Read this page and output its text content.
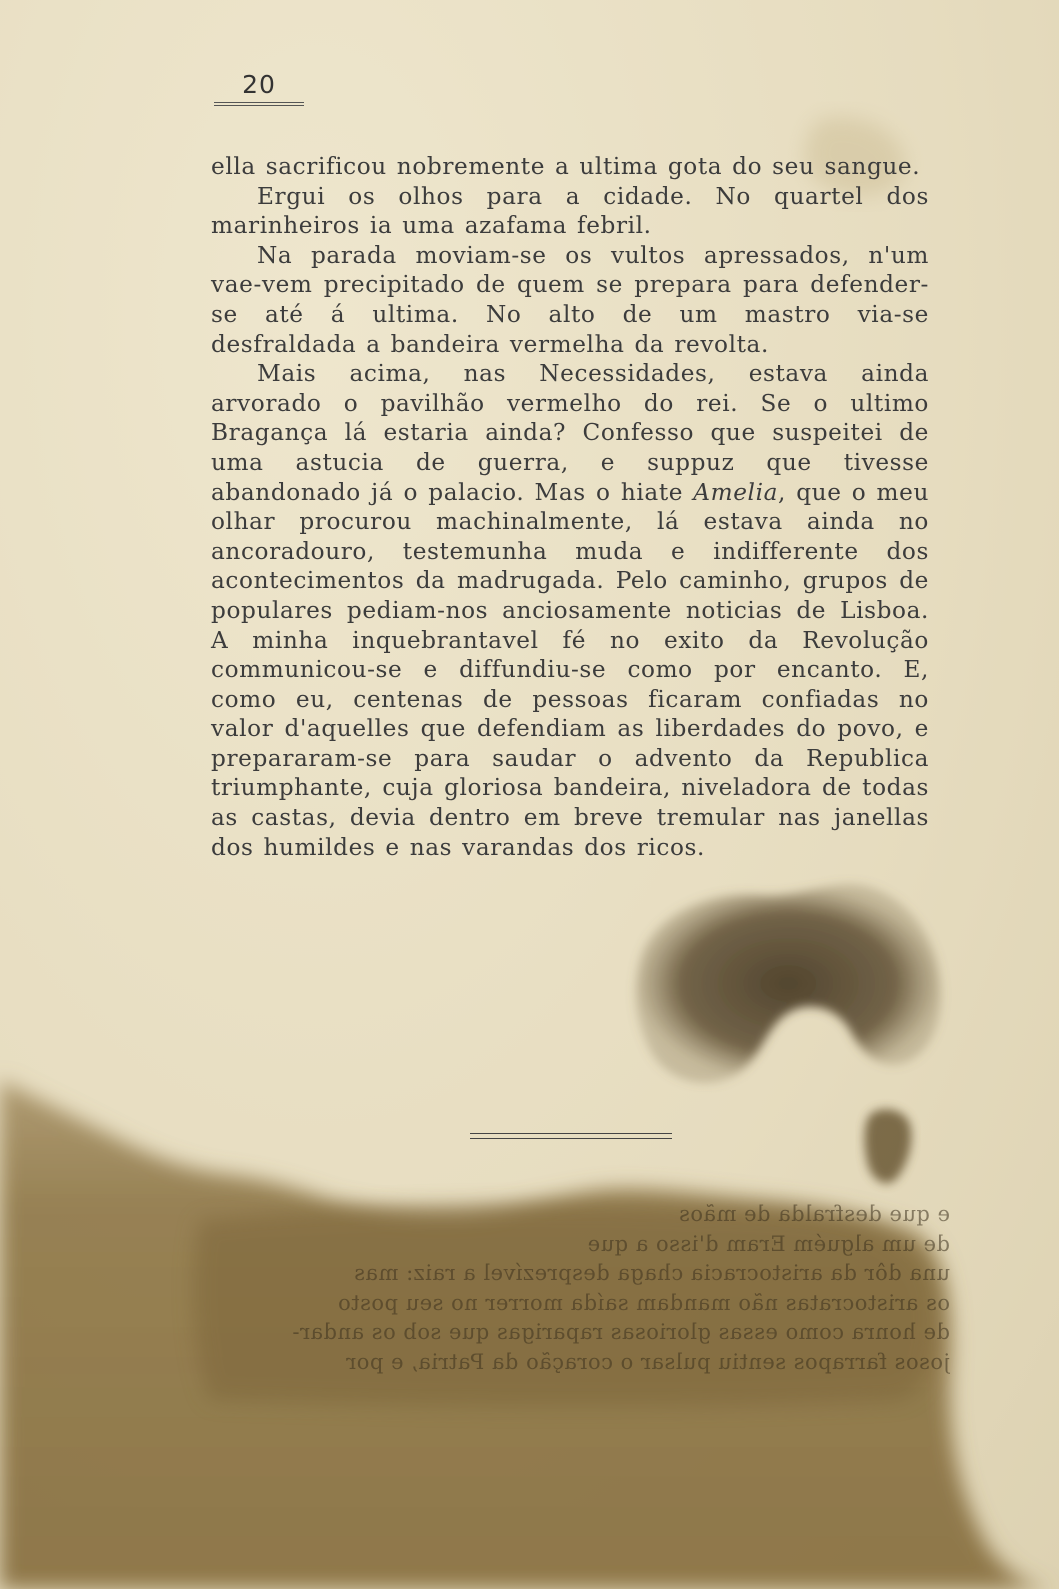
20

ella sacrificou nobremente a ultima gota do seu sangue.

Ergui os olhos para a cidade. No quartel dos marinheiros ia uma azafama febril.

Na parada moviam-se os vultos apressados, n'um vae-vem precipitado de quem se prepara para defender-se até á ultima. No alto de um mastro via-se desfraldada a bandeira vermelha da revolta.

Mais acima, nas Necessidades, estava ainda arvorado o pavilhão vermelho do rei. Se o ultimo Bragança lá estaria ainda? Confesso que suspeitei de uma astucia de guerra, e suppuz que tivesse abandonado já o palacio. Mas o hiate Amelia, que o meu olhar procurou machinalmente, lá estava ainda no ancoradouro, testemunha muda e indifferente dos acontecimentos da madrugada. Pelo caminho, grupos de populares pediam-nos anciosamente noticias de Lisboa. A minha inquebrantavel fé no exito da Revolução communicou-se e diffundiu-se como por encanto. E, como eu, centenas de pessoas ficaram confiadas no valor d'aquelles que defendiam as liberdades do povo, e prepararam-se para saudar o advento da Republica triumphante, cuja gloriosa bandeira, niveladora de todas as castas, devia dentro em breve tremular nas janellas dos humildes e nas varandas dos ricos.

e que desfralda de mãos
de um alguém Eram d'isso a que
una dôr da aristocracia chaga desprezível a raiz: mas
os aristocratas não mandam saída morrer no seu posto
de honra como essas gloriosas raparigas que sob os andar-
josos farrapos sentiu pulsar o coração da Patria, e por
